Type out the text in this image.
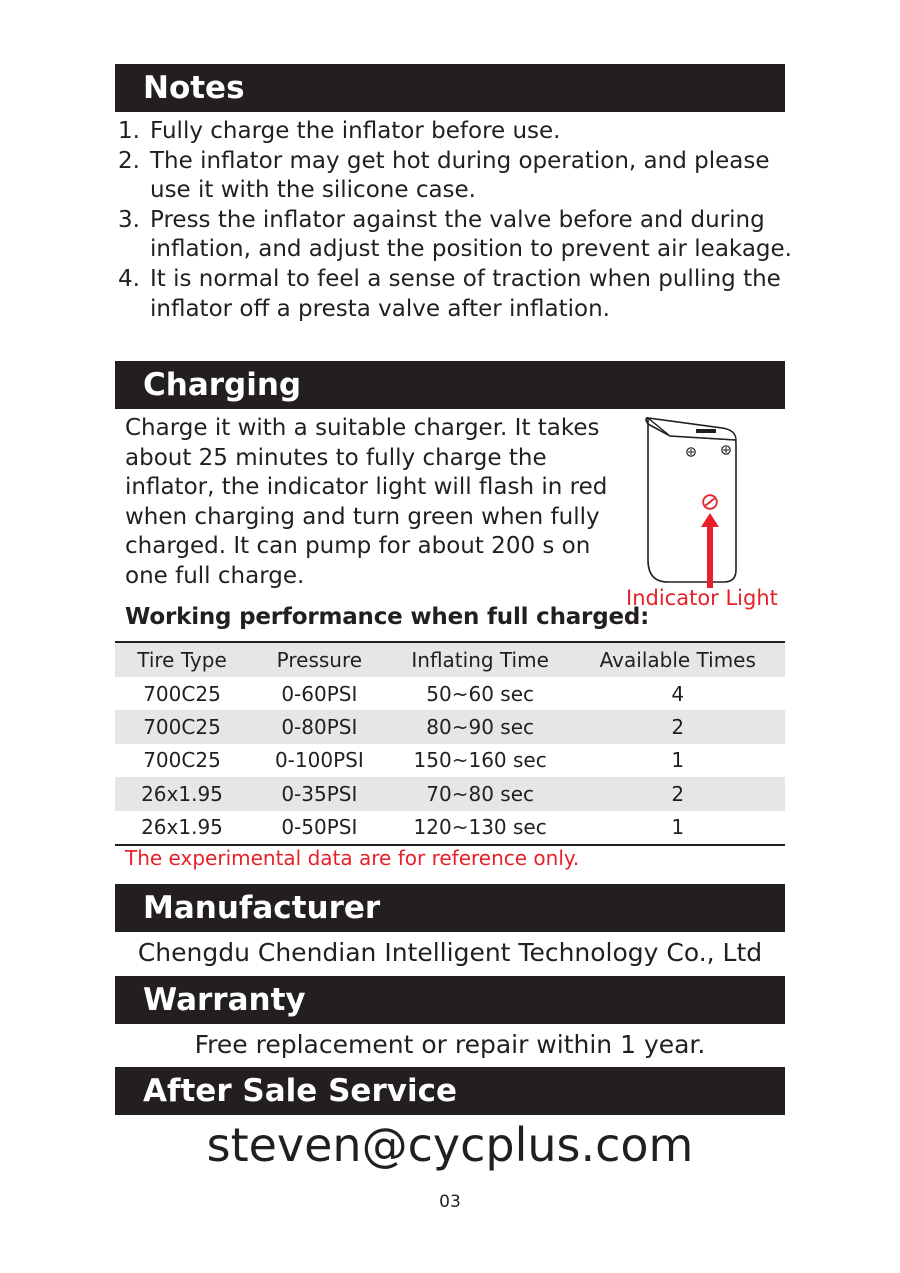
Notes
1. Fully charge the inflator before use.
2. The inflator may get hot during operation, and please use it with the silicone case.
3. Press the inflator against the valve before and during inflation, and adjust the position to prevent air leakage.
4. It is normal to feel a sense of traction when pulling the inflator off a presta valve after inflation.
Charging
Charge it with a suitable charger. It takes about 25 minutes to fully charge the inflator, the indicator light will flash in red when charging and turn green when fully charged. It can pump for about 200 s on one full charge.
Indicator Light
Working performance when full charged:
Tire Type	Pressure	Inflating Time	Available Times
700C25	0-60PSI	50~60 sec	4
700C25	0-80PSI	80~90 sec	2
700C25	0-100PSI	150~160 sec	1
26x1.95	0-35PSI	70~80 sec	2
26x1.95	0-50PSI	120~130 sec	1
The experimental data are for reference only.
Manufacturer
Chengdu Chendian Intelligent Technology Co., Ltd
Warranty
Free replacement or repair within 1 year.
After Sale Service
steven@cycplus.com
03
